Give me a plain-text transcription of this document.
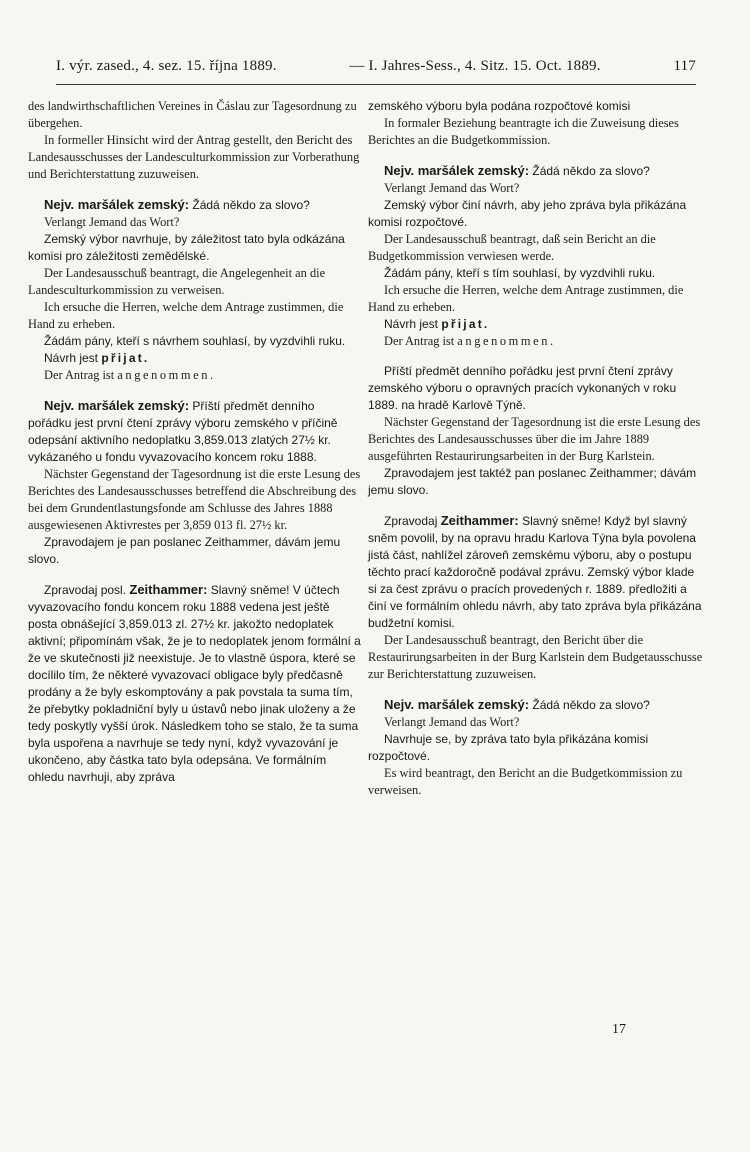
I. výr. zased., 4. sez. 15. října 1889.	— I. Jahres-Sess., 4. Sitz. 15. Oct. 1889.	117

des landwirthschaftlichen Vereines in Čáslau zur Tagesordnung zu übergehen.

In formeller Hinsicht wird der Antrag gestellt, den Bericht des Landesausschusses der Landesculturkommission zur Vorberathung und Berichterstattung zuzuweisen.

Nejv. maršálek zemský: Žádá někdo za slovo?

Verlangt Jemand das Wort?

Zemský výbor navrhuje, by záležitost tato byla odkázána komisi pro záležitosti zemědělské.

Der Landesausschuß beantragt, die Angelegenheit an die Landesculturkommission zu verweisen.

Ich ersuche die Herren, welche dem Antrage zustimmen, die Hand zu erheben.

Žádám pány, kteří s návrhem souhlasí, by vyzdvihli ruku.

Návrh jest přijat.

Der Antrag ist angenommen.

Nejv. maršálek zemský: Příští předmět denního pořádku jest první čtení zprávy výboru zemského v příčině odepsání aktivního nedoplatku 3,859.013 zlatých 27½ kr. vykázaného u fondu vyvazovacího koncem roku 1888.

Nächster Gegenstand der Tagesordnung ist die erste Lesung des Berichtes des Landesausschusses betreffend die Abschreibung des bei dem Grundentlastungsfonde am Schlusse des Jahres 1888 ausgewiesenen Aktivrestes per 3,859 013 fl. 27½ kr.

Zpravodajem je pan poslanec Zeithammer, dávám jemu slovo.

Zpravodaj posl. Zeithammer: Slavný sněme! V účtech vyvazovacího fondu koncem roku 1888 vedena jest ještě posta obnášející 3,859.013 zl. 27½ kr. jakožto nedoplatek aktivní; připomínám však, že je to nedoplatek jenom formální a že ve skutečnosti již neexistuje. Je to vlastně úspora, které se docílilo tím, že některé vyvazovací obligace byly předčasně prodány a že byly eskomptovány a pak povstala ta suma tím, že přebytky pokladniční byly u ústavů nebo jinak uloženy a že tedy poskytly vyšší úrok. Následkem toho se stalo, že ta suma byla uspořena a navrhuje se tedy nyní, když vyvazování je ukončeno, aby částka tato byla odepsána. Ve formálním ohledu navrhuji, aby zpráva

zemského výboru byla podána rozpočtové komisi

In formaler Beziehung beantragte ich die Zuweisung dieses Berichtes an die Budgetkommission.

Nejv. maršálek zemský: Žádá někdo za slovo?

Verlangt Jemand das Wort?

Zemský výbor činí návrh, aby jeho zpráva byla přikázána komisi rozpočtové.

Der Landesausschuß beantragt, daß sein Bericht an die Budgetkommission verwiesen werde.

Žádám pány, kteří s tím souhlasí, by vyzdvihli ruku.

Ich ersuche die Herren, welche dem Antrage zustimmen, die Hand zu erheben.

Návrh jest přijat.

Der Antrag ist angenommen.

Příští předmět denního pořádku jest první čtení zprávy zemského výboru o opravných pracích vykonaných v roku 1889. na hradě Karlově Týně.

Nächster Gegenstand der Tagesordnung ist die erste Lesung des Berichtes des Landesausschusses über die im Jahre 1889 ausgeführten Restaurirungsarbeiten in der Burg Karlstein.

Zpravodajem jest taktéž pan poslanec Zeithammer; dávám jemu slovo.

Zpravodaj Zeithammer: Slavný sněme! Když byl slavný sněm povolil, by na opravu hradu Karlova Týna byla povolena jistá část, nahlížel zároveň zemskému výboru, aby o postupu těchto prací každoročně podával zprávu. Zemský výbor klade si za čest zprávu o pracích provedených r. 1889. předložiti a činí ve formálním ohledu návrh, aby tato zpráva byla přikázána budžetní komisi.

Der Landesausschuß beantragt, den Bericht über die Restaurirungsarbeiten in der Burg Karlstein dem Budgetausschusse zur Berichterstattung zuzuweisen.

Nejv. maršálek zemský: Žádá někdo za slovo?

Verlangt Jemand das Wort?

Navrhuje se, by zpráva tato byla přikázána komisi rozpočtové.

Es wird beantragt, den Bericht an die Budgetkommission zu verweisen.

17
